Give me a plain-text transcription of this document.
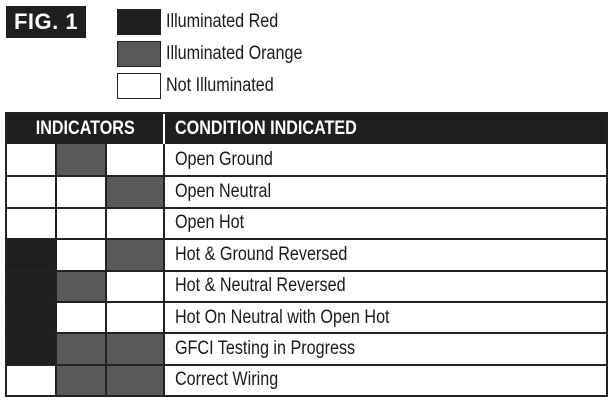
FIG. 1	Illuminated Red
Illuminated Orange
Not Illuminated
INDICATORS	CONDITION INDICATED
Open Ground
Open Neutral
Open Hot
Hot & Ground Reversed
Hot & Neutral Reversed
Hot On Neutral with Open Hot
GFCI Testing in Progress
Correct Wiring
